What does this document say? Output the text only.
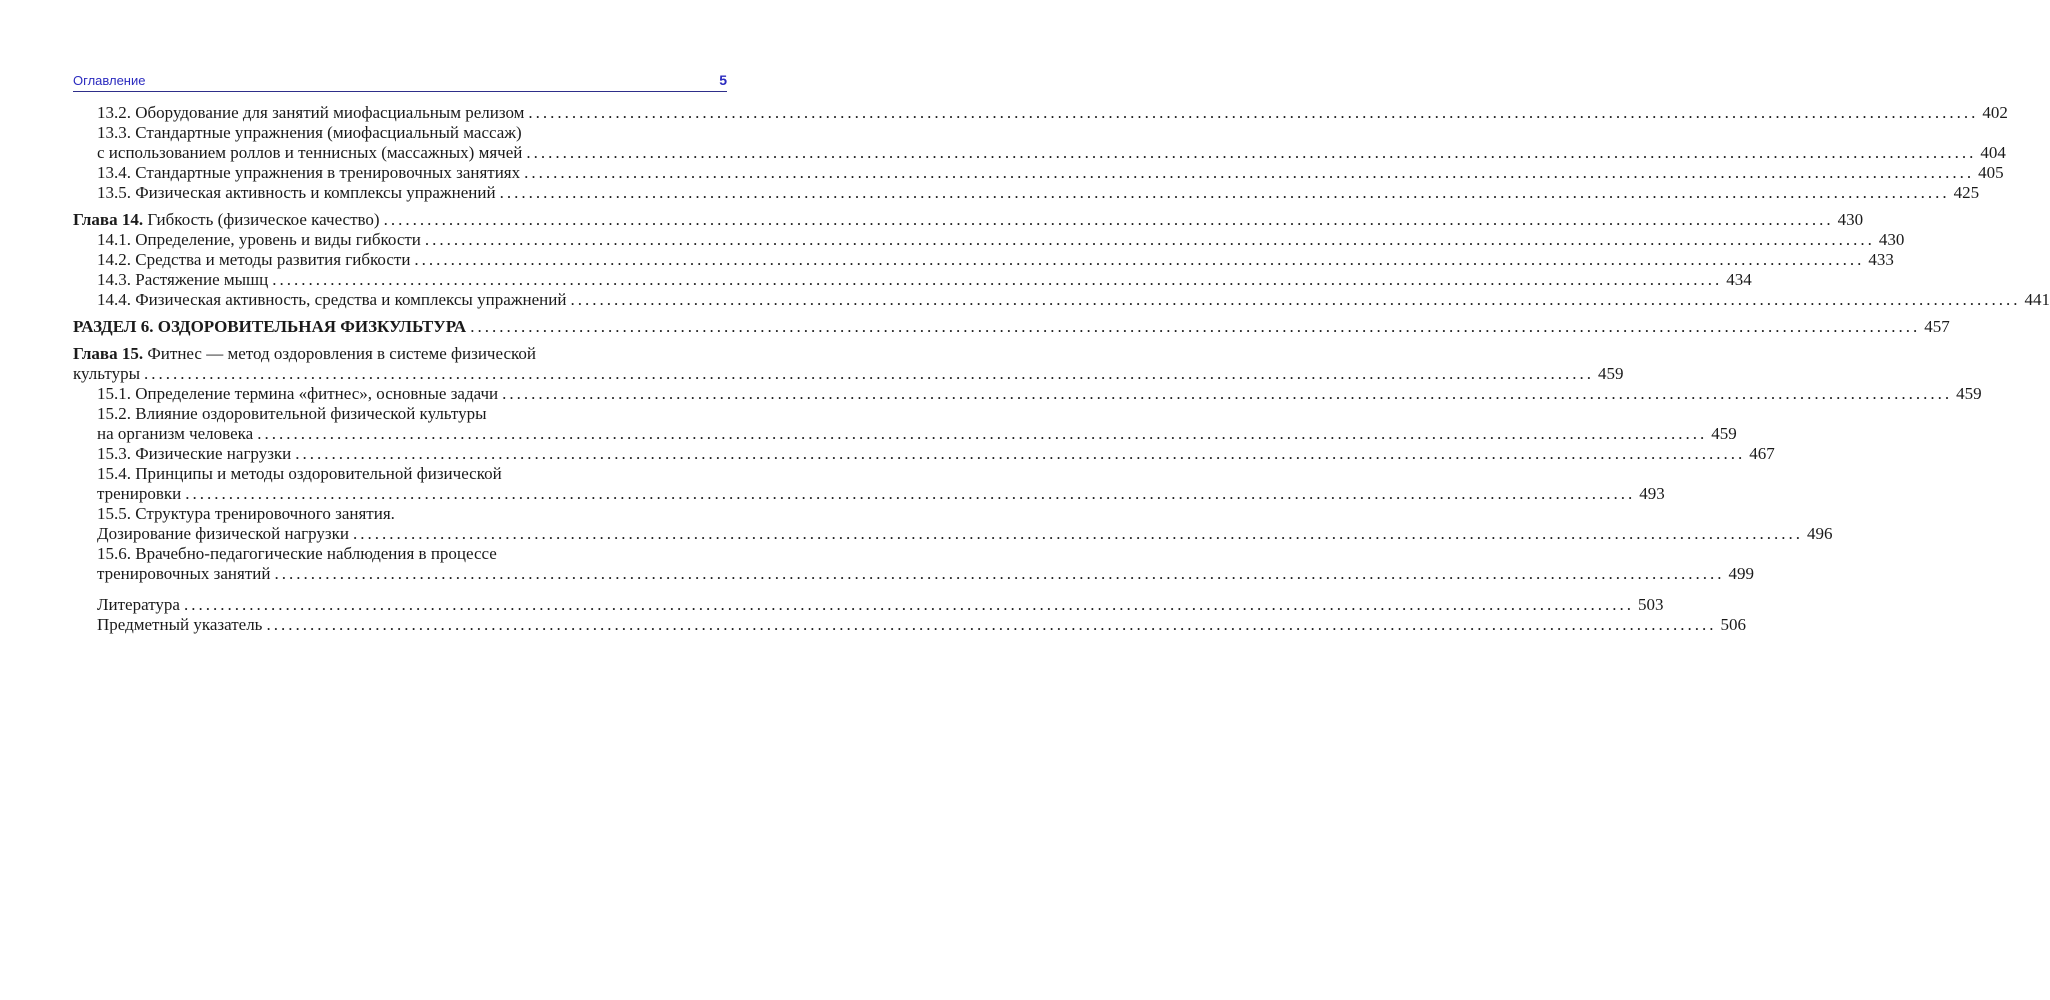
Оглавление	5
13.2. Оборудование для занятий миофасциальным релизом ........................................................................................................................................................................................................ 402
13.3. Стандартные упражнения (миофасциальный массаж)
с использованием роллов и теннисных (массажных) мячей ........................................................................................................................................................................................................ 404
13.4. Стандартные упражнения в тренировочных занятиях ........................................................................................................................................................................................................ 405
13.5. Физическая активность и комплексы упражнений ........................................................................................................................................................................................................ 425
Глава 14. Гибкость (физическое качество) ........................................................................................................................................................................................................ 430
14.1. Определение, уровень и виды гибкости ........................................................................................................................................................................................................ 430
14.2. Средства и методы развития гибкости ........................................................................................................................................................................................................ 433
14.3. Растяжение мышц ........................................................................................................................................................................................................ 434
14.4. Физическая активность, средства и комплексы упражнений ........................................................................................................................................................................................................ 441
РАЗДЕЛ 6. ОЗДОРОВИТЕЛЬНАЯ ФИЗКУЛЬТУРА ........................................................................................................................................................................................................ 457
Глава 15. Фитнес — метод оздоровления в системе физической
культуры ........................................................................................................................................................................................................ 459
15.1. Определение термина «фитнес», основные задачи ........................................................................................................................................................................................................ 459
15.2. Влияние оздоровительной физической культуры
на организм человека ........................................................................................................................................................................................................ 459
15.3. Физические нагрузки ........................................................................................................................................................................................................ 467
15.4. Принципы и методы оздоровительной физической
тренировки ........................................................................................................................................................................................................ 493
15.5. Структура тренировочного занятия.
Дозирование физической нагрузки ........................................................................................................................................................................................................ 496
15.6. Врачебно-педагогические наблюдения в процессе
тренировочных занятий ........................................................................................................................................................................................................ 499
Литература ........................................................................................................................................................................................................ 503
Предметный указатель ........................................................................................................................................................................................................ 506
